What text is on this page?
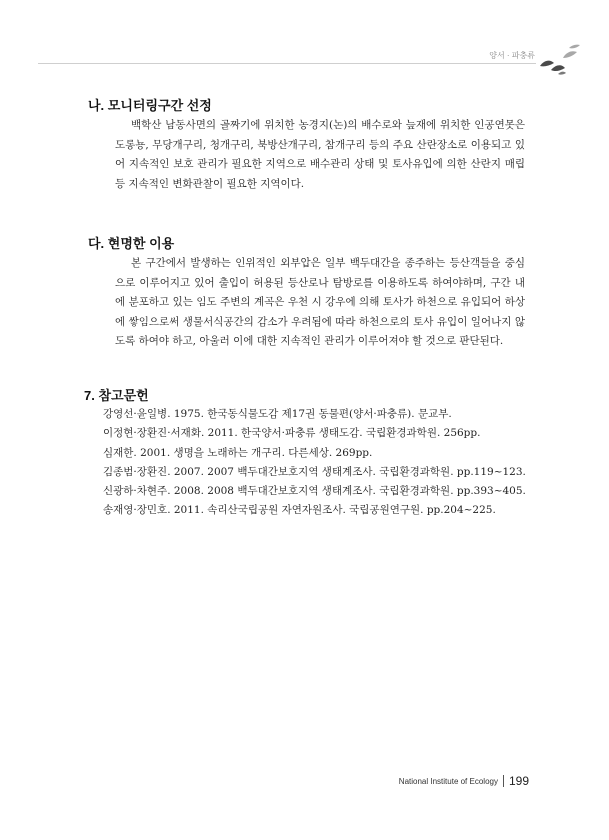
양서 · 파충류
나. 모니터링구간 선정

백학산 남동사면의 골짜기에 위치한 농경지(논)의 배수로와 늪재에 위치한 인공연못은 도롱뇽, 무당개구리, 청개구리, 북방산개구리, 참개구리 등의 주요 산란장소로 이용되고 있어 지속적인 보호 관리가 필요한 지역으로 배수관리 상태 및 토사유입에 의한 산란지 매립 등 지속적인 변화관찰이 필요한 지역이다.

다. 현명한 이용

본 구간에서 발생하는 인위적인 외부압은 일부 백두대간을 종주하는 등산객들을 중심으로 이루어지고 있어 출입이 허용된 등산로나 탐방로를 이용하도록 하여야하며, 구간 내에 분포하고 있는 임도 주변의 계곡은 우천 시 강우에 의해 토사가 하천으로 유입되어 하상에 쌓임으로써 생물서식공간의 감소가 우려됨에 따라 하천으로의 토사 유입이 일어나지 않도록 하여야 하고, 아울러 이에 대한 지속적인 관리가 이루어져야 할 것으로 판단된다.

7. 참고문헌

강영선·윤일병. 1975. 한국동식물도감 제17권 동물편(양서·파충류). 문교부.

이정현·장환진·서재화. 2011. 한국양서·파충류 생태도감. 국립환경과학원. 256pp.

심재한. 2001. 생명을 노래하는 개구리. 다른세상. 269pp.

김종범·장환진. 2007. 2007 백두대간보호지역 생태계조사. 국립환경과학원. pp.119~123.

신광하·차현주. 2008. 2008 백두대간보호지역 생태계조사. 국립환경과학원. pp.393~405.

송재영·장민호. 2011. 속리산국립공원 자연자원조사. 국립공원연구원. pp.204~225.

National Institute of Ecology 199
